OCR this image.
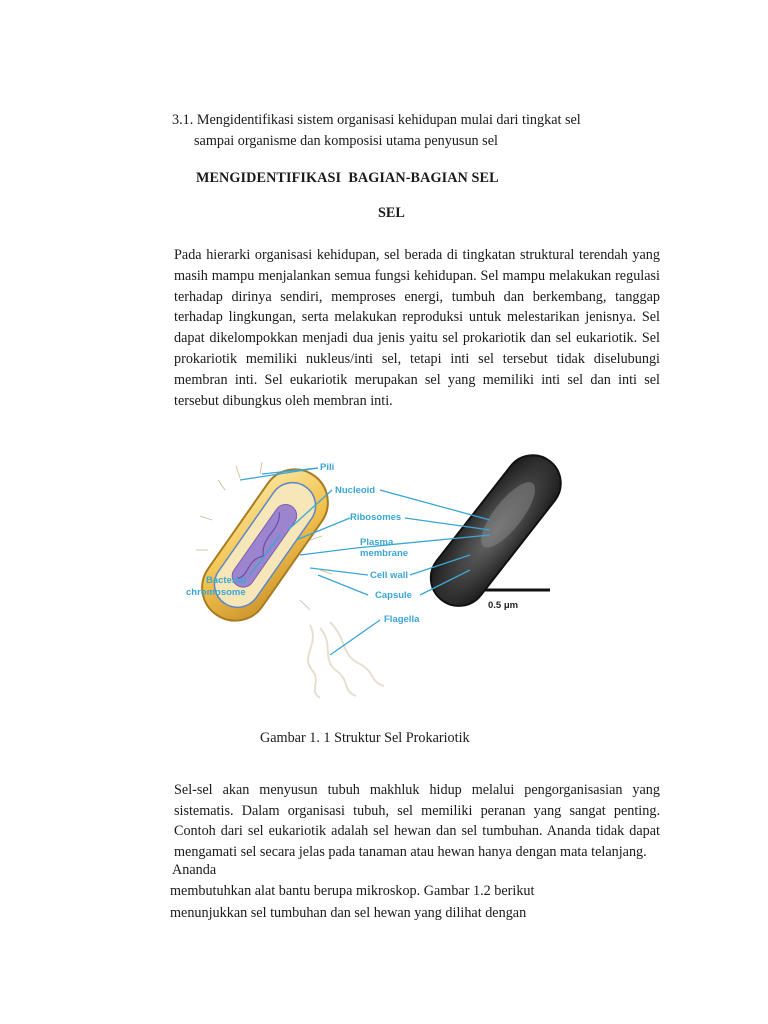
3.1. Mengidentifikasi sistem organisasi kehidupan mulai dari tingkat sel
sampai organisme dan komposisi utama penyusun sel
MENGIDENTIFIKASI  BAGIAN-BAGIAN SEL
SEL
Pada hierarki organisasi kehidupan, sel berada di tingkatan struktural terendah yang masih mampu menjalankan semua fungsi kehidupan. Sel mampu melakukan regulasi terhadap dirinya sendiri, memproses energi, tumbuh dan berkembang, tanggap terhadap lingkungan, serta melakukan reproduksi untuk melestarikan jenisnya. Sel dapat dikelompokkan menjadi dua jenis yaitu sel prokariotik dan sel eukariotik. Sel prokariotik memiliki nukleus/inti sel, tetapi inti sel tersebut tidak diselubungi membran inti. Sel eukariotik merupakan sel yang memiliki inti sel dan inti sel tersebut dibungkus oleh membran inti.
Pili
Nucleoid
Ribosomes
Plasma
membrane
Bacterial
chromosome
Cell wall
Capsule
Flagella
0.5 μm
Gambar 1. 1 Struktur Sel Prokariotik
Sel-sel akan menyusun tubuh makhluk hidup melalui pengorganisasian yang sistematis. Dalam organisasi tubuh, sel memiliki peranan yang sangat penting. Contoh dari sel eukariotik adalah sel hewan dan sel tumbuhan. Ananda tidak dapat mengamati sel secara jelas pada tanaman atau hewan hanya dengan mata telanjang.
Ananda
membutuhkan alat bantu berupa mikroskop. Gambar 1.2 berikut
menunjukkan sel tumbuhan dan sel hewan yang dilihat dengan
